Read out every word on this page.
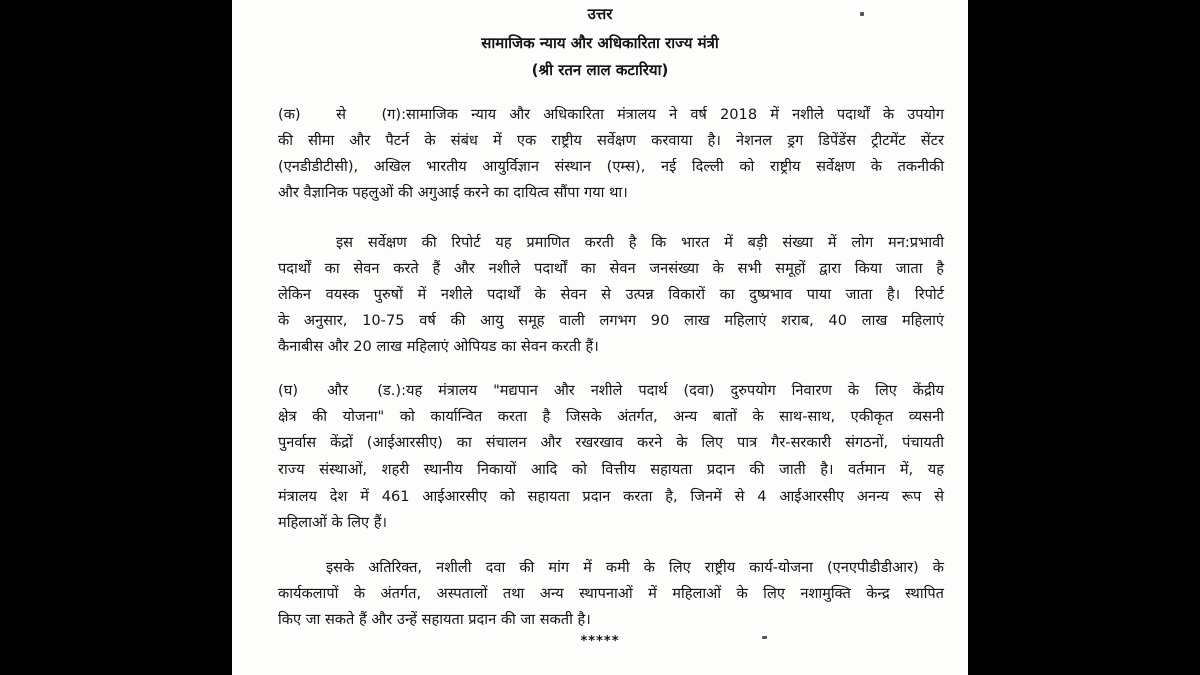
उत्तर
सामाजिक न्याय और अधिकारिता राज्य मंत्री
(श्री रतन लाल कटारिया)
(क) से (ग):सामाजिक न्याय और अधिकारिता मंत्रालय ने वर्ष 2018 में नशीले पदार्थों के उपयोग
की सीमा और पैटर्न के संबंध में एक राष्ट्रीय सर्वेक्षण करवाया है। नेशनल ड्रग डिपेंडेंस ट्रीटमेंट सेंटर
(एनडीडीटीसी), अखिल भारतीय आयुर्विज्ञान संस्थान (एम्स), नई दिल्ली को राष्ट्रीय सर्वेक्षण के तकनीकी
और वैज्ञानिक पहलुओं की अगुआई करने का दायित्व सौंपा गया था।
इस सर्वेक्षण की रिपोर्ट यह प्रमाणित करती है कि भारत में बड़ी संख्या में लोग मन:प्रभावी
पदार्थों का सेवन करते हैं और नशीले पदार्थों का सेवन जनसंख्या के सभी समूहों द्वारा किया जाता है
लेकिन वयस्क पुरुषों में नशीले पदार्थों के सेवन से उत्पन्न विकारों का दुष्प्रभाव पाया जाता है। रिपोर्ट
के अनुसार, 10-75 वर्ष की आयु समूह वाली लगभग 90 लाख महिलाएं शराब, 40 लाख महिलाएं
कैनाबीस और 20 लाख महिलाएं ओपियड का सेवन करती हैं।
(घ) और (ड.):यह मंत्रालय "मद्यपान और नशीले पदार्थ (दवा) दुरुपयोग निवारण के लिए केंद्रीय
क्षेत्र की योजना" को कार्यान्वित करता है जिसके अंतर्गत, अन्य बातों के साथ-साथ, एकीकृत व्यसनी
पुनर्वास केंद्रों (आईआरसीए) का संचालन और रखरखाव करने के लिए पात्र गैर-सरकारी संगठनों, पंचायती
राज्य संस्थाओं, शहरी स्थानीय निकायों आदि को वित्तीय सहायता प्रदान की जाती है। वर्तमान में, यह
मंत्रालय देश में 461 आईआरसीए को सहायता प्रदान करता है, जिनमें से 4 आईआरसीए अनन्य रूप से
महिलाओं के लिए हैं।
इसके अतिरिक्त, नशीली दवा की मांग में कमी के लिए राष्ट्रीय कार्य-योजना (एनएपीडीडीआर) के
कार्यकलापों के अंतर्गत, अस्पतालों तथा अन्य स्थापनाओं में महिलाओं के लिए नशामुक्ति केन्द्र स्थापित
किए जा सकते हैं और उन्हें सहायता प्रदान की जा सकती है।
*****
